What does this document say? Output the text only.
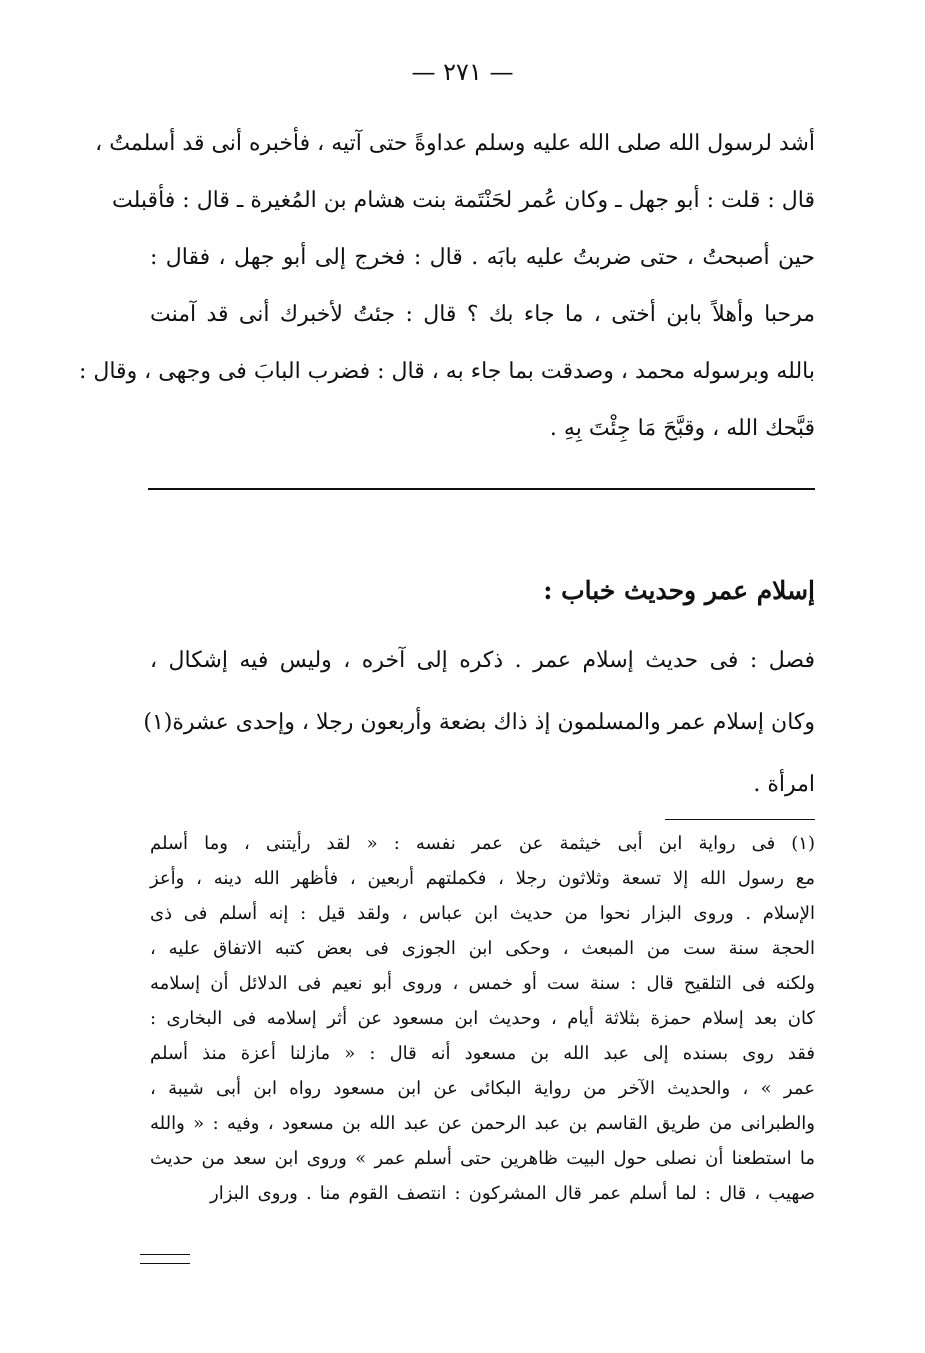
— ٢٧١ —
أشد لرسول الله صلى الله عليه وسلم عداوةً حتى آتيه ، فأخبره أنى قد أسلمتُ ،
قال : قلت : أبو جهل ـ وكان عُمر لحَنْتَمة بنت هشام بن المُغيرة ـ قال : فأقبلت
حين أصبحتُ ، حتى ضربتُ عليه بابَه . قال : فخرج إلى أبو جهل ، فقال :
مرحبا وأهلاً بابن أختى ، ما جاء بك ؟ قال : جئتُ لأخبرك أنى قد آمنت
بالله وبرسوله محمد ، وصدقت بما جاء به ، قال : فضرب البابَ فى وجهى ، وقال :
قبَّحك الله ، وقبَّحَ مَا جِئْتَ بِهِ .
إسلام عمر وحديث خباب :
فصل : فى حديث إسلام عمر . ذكره إلى آخره ، وليس فيه إشكال ،
وكان إسلام عمر والمسلمون إذ ذاك بضعة وأربعون رجلا ، وإحدى عشرة(١)
امرأة .
(١) فى رواية ابن أبى خيثمة عن عمر نفسه : « لقد رأيتنى ، وما أسلم
مع رسول الله إلا تسعة وثلاثون رجلا ، فكملتهم أربعين ، فأظهر الله دينه ، وأعز
الإسلام . وروى البزار نحوا من حديث ابن عباس ، ولقد قيل : إنه أسلم فى ذى
الحجة سنة ست من المبعث ، وحكى ابن الجوزى فى بعض كتبه الاتفاق عليه ،
ولكنه فى التلقيح قال : سنة ست أو خمس ، وروى أبو نعيم فى الدلائل أن إسلامه
كان بعد إسلام حمزة بثلاثة أيام ، وحديث ابن مسعود عن أثر إسلامه فى البخارى :
فقد روى بسنده إلى عبد الله بن مسعود أنه قال : « مازلنا أعزة منذ أسلم
عمر » ، والحديث الآخر من رواية البكائى عن ابن مسعود رواه ابن أبى شيبة ،
والطبرانى من طريق القاسم بن عبد الرحمن عن عبد الله بن مسعود ، وفيه : « والله
ما استطعنا أن نصلى حول البيت ظاهرين حتى أسلم عمر » وروى ابن سعد من حديث
صهيب ، قال : لما أسلم عمر قال المشركون : انتصف القوم منا . وروى البزار
